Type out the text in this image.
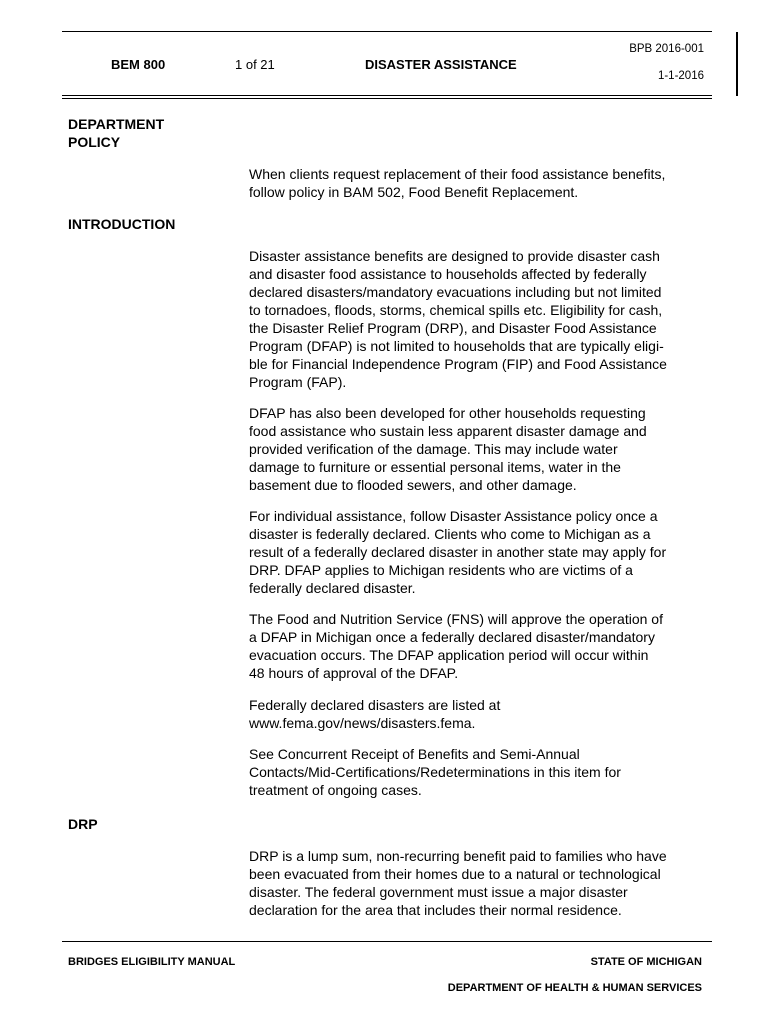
BEM 800	1 of 21	DISASTER ASSISTANCE
BPB 2016-001
1-1-2016
DEPARTMENT
POLICY

When clients request replacement of their food assistance benefits,
follow policy in BAM 502, Food Benefit Replacement.

INTRODUCTION

Disaster assistance benefits are designed to provide disaster cash
and disaster food assistance to households affected by federally
declared disasters/mandatory evacuations including but not limited
to tornadoes, floods, storms, chemical spills etc. Eligibility for cash,
the Disaster Relief Program (DRP), and Disaster Food Assistance
Program (DFAP) is not limited to households that are typically eligi-
ble for Financial Independence Program (FIP) and Food Assistance
Program (FAP).

DFAP has also been developed for other households requesting
food assistance who sustain less apparent disaster damage and
provided verification of the damage. This may include water
damage to furniture or essential personal items, water in the
basement due to flooded sewers, and other damage.

For individual assistance, follow Disaster Assistance policy once a
disaster is federally declared. Clients who come to Michigan as a
result of a federally declared disaster in another state may apply for
DRP. DFAP applies to Michigan residents who are victims of a
federally declared disaster.

The Food and Nutrition Service (FNS) will approve the operation of
a DFAP in Michigan once a federally declared disaster/mandatory
evacuation occurs. The DFAP application period will occur within
48 hours of approval of the DFAP.

Federally declared disasters are listed at
www.fema.gov/news/disasters.fema.

See Concurrent Receipt of Benefits and Semi-Annual
Contacts/Mid-Certifications/Redeterminations in this item for
treatment of ongoing cases.

DRP

DRP is a lump sum, non-recurring benefit paid to families who have
been evacuated from their homes due to a natural or technological
disaster. The federal government must issue a major disaster
declaration for the area that includes their normal residence.

BRIDGES ELIGIBILITY MANUAL	STATE OF MICHIGAN
DEPARTMENT OF HEALTH & HUMAN SERVICES
